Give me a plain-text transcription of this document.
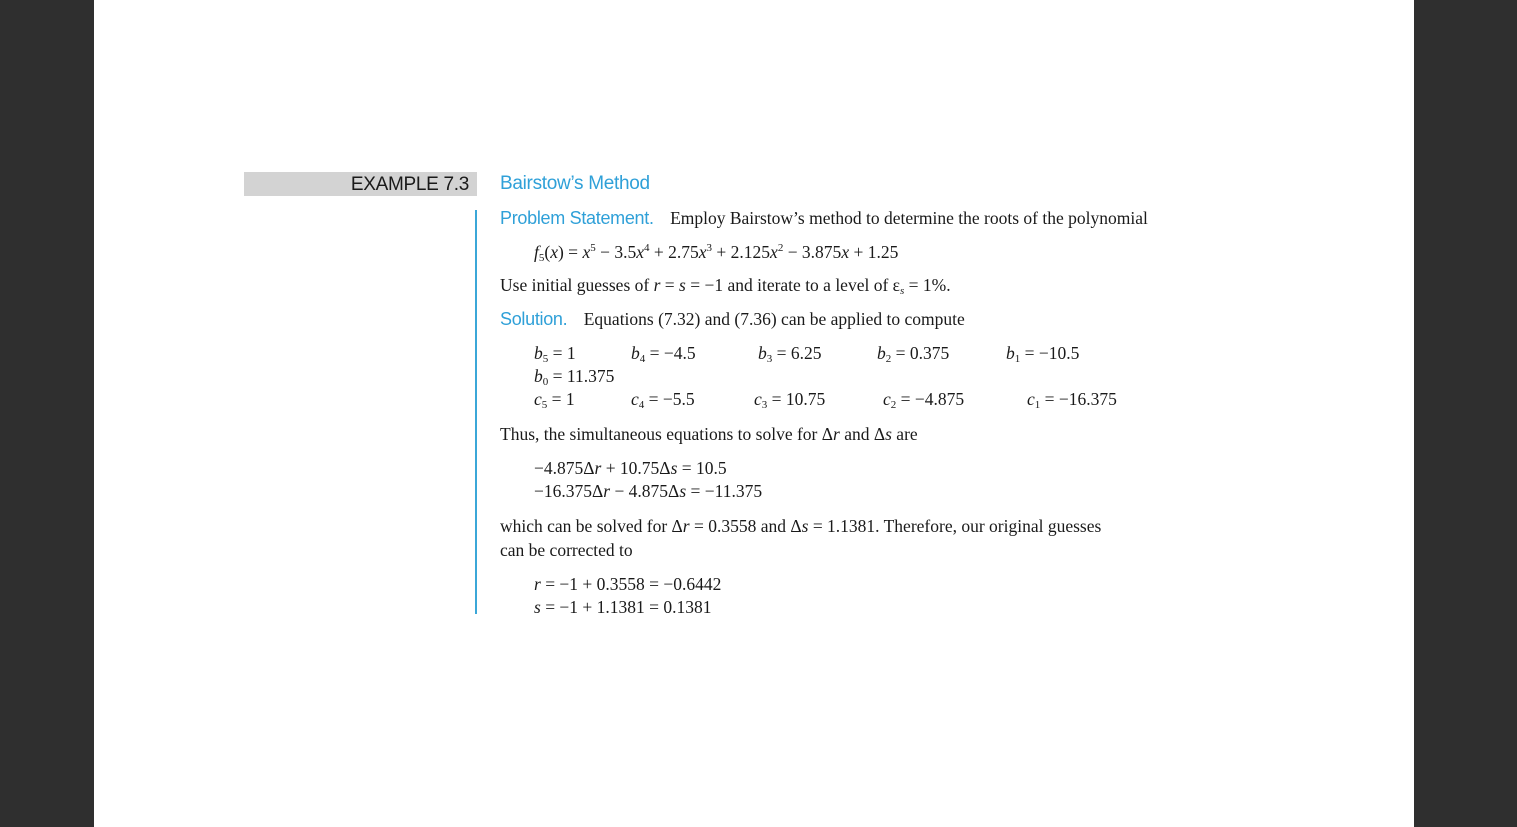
EXAMPLE 7.3 Bairstow’s Method
Problem Statement. Employ Bairstow’s method to determine the roots of the polynomial
$f_5(x) = x^5 - 3.5x^4 + 2.75x^3 + 2.125x^2 - 3.875x + 1.25$
Use initial guesses of r = s = −1 and iterate to a level of $\varepsilon_s = 1\%$.
Solution. Equations (7.32) and (7.36) can be applied to compute
$b_5 = 1$	$b_4 = -4.5$	$b_3 = 6.25$	$b_2 = 0.375$	$b_1 = -10.5$
$b_0 = 11.375$
$c_5 = 1$	$c_4 = -5.5$	$c_3 = 10.75$	$c_2 = -4.875$	$c_1 = -16.375$
Thus, the simultaneous equations to solve for Δr and Δs are
−4.875Δr + 10.75Δs = 10.5
−16.375Δr − 4.875Δs = −11.375
which can be solved for Δr = 0.3558 and Δs = 1.1381. Therefore, our original guesses
can be corrected to
r = −1 + 0.3558 = −0.6442
s = −1 + 1.1381 = 0.1381
